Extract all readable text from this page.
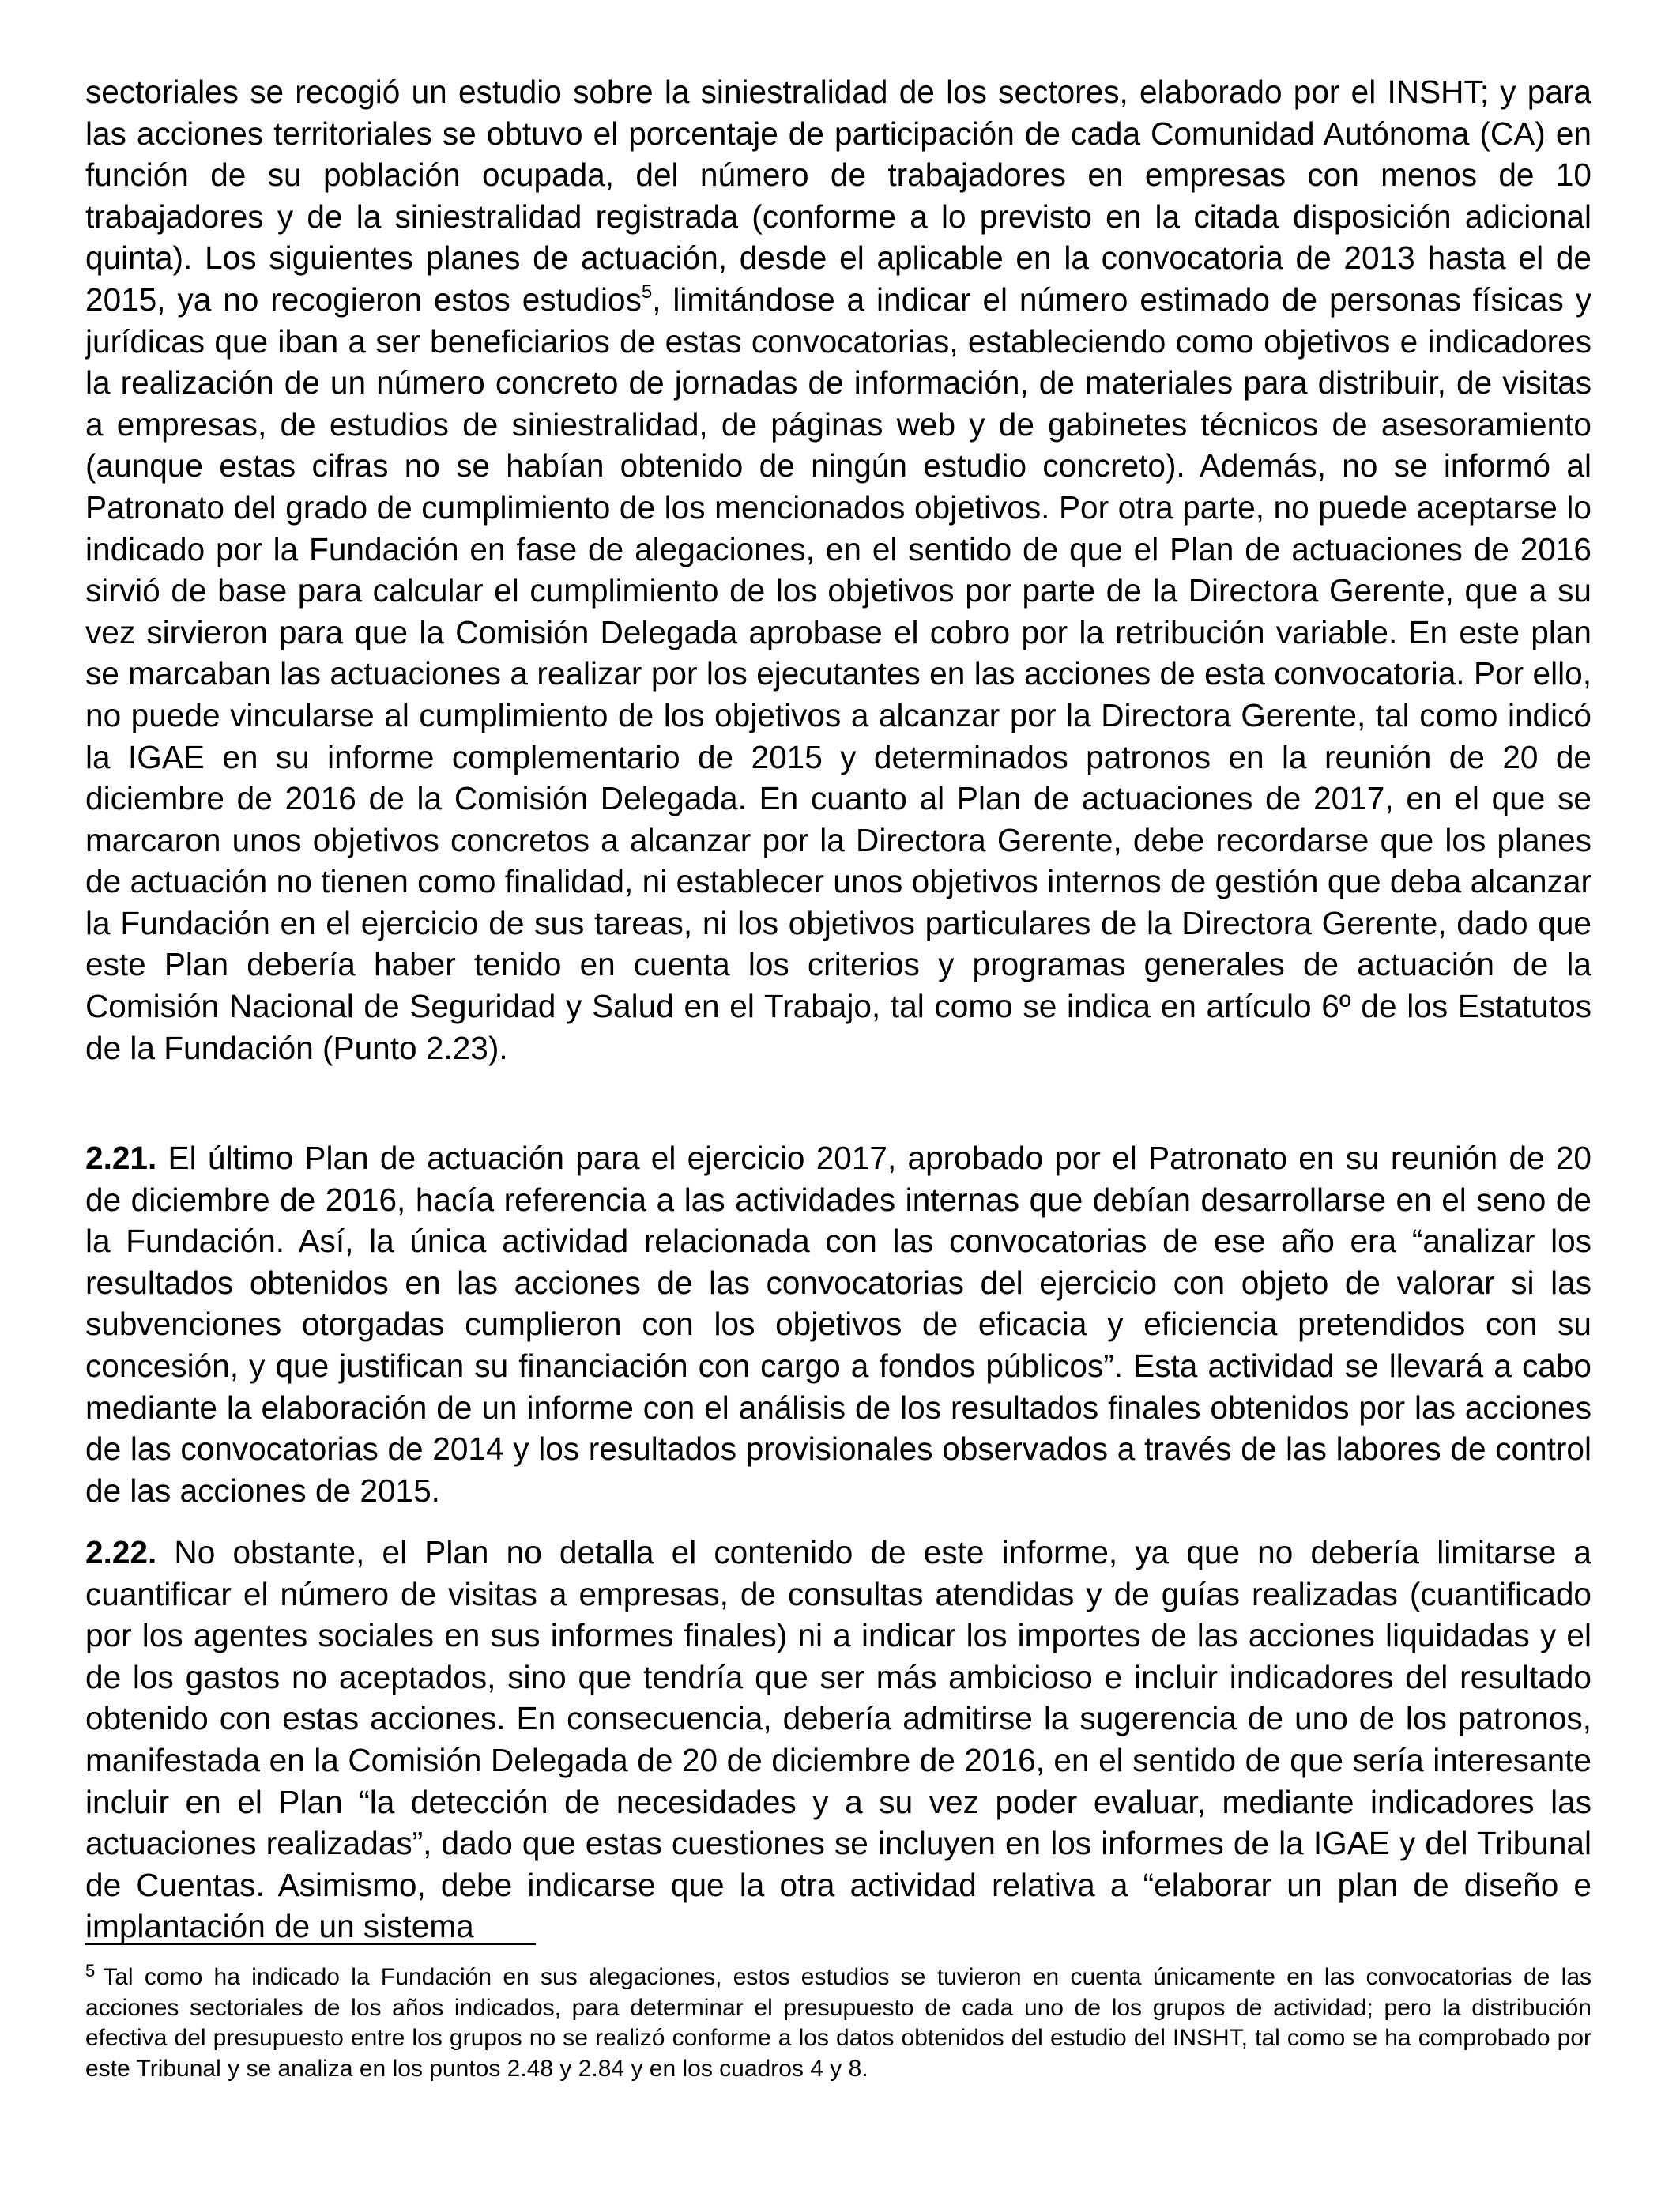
sectoriales se recogió un estudio sobre la siniestralidad de los sectores, elaborado por el INSHT; y para las acciones territoriales se obtuvo el porcentaje de participación de cada Comunidad Autónoma (CA) en función de su población ocupada, del número de trabajadores en empresas con menos de 10 trabajadores y de la siniestralidad registrada (conforme a lo previsto en la citada disposición adicional quinta). Los siguientes planes de actuación, desde el aplicable en la convocatoria de 2013 hasta el de 2015, ya no recogieron estos estudios$^5$, limitándose a indicar el número estimado de personas físicas y jurídicas que iban a ser beneficiarios de estas convocatorias, estableciendo como objetivos e indicadores la realización de un número concreto de jornadas de información, de materiales para distribuir, de visitas a empresas, de estudios de siniestralidad, de páginas web y de gabinetes técnicos de asesoramiento (aunque estas cifras no se habían obtenido de ningún estudio concreto). Además, no se informó al Patronato del grado de cumplimiento de los mencionados objetivos. Por otra parte, no puede aceptarse lo indicado por la Fundación en fase de alegaciones, en el sentido de que el Plan de actuaciones de 2016 sirvió de base para calcular el cumplimiento de los objetivos por parte de la Directora Gerente, que a su vez sirvieron para que la Comisión Delegada aprobase el cobro por la retribución variable. En este plan se marcaban las actuaciones a realizar por los ejecutantes en las acciones de esta convocatoria. Por ello, no puede vincularse al cumplimiento de los objetivos a alcanzar por la Directora Gerente, tal como indicó la IGAE en su informe complementario de 2015 y determinados patronos en la reunión de 20 de diciembre de 2016 de la Comisión Delegada. En cuanto al Plan de actuaciones de 2017, en el que se marcaron unos objetivos concretos a alcanzar por la Directora Gerente, debe recordarse que los planes de actuación no tienen como finalidad, ni establecer unos objetivos internos de gestión que deba alcanzar la Fundación en el ejercicio de sus tareas, ni los objetivos particulares de la Directora Gerente, dado que este Plan debería haber tenido en cuenta los criterios y programas generales de actuación de la Comisión Nacional de Seguridad y Salud en el Trabajo, tal como se indica en artículo 6º de los Estatutos de la Fundación (Punto 2.23).

2.21. El último Plan de actuación para el ejercicio 2017, aprobado por el Patronato en su reunión de 20 de diciembre de 2016, hacía referencia a las actividades internas que debían desarrollarse en el seno de la Fundación. Así, la única actividad relacionada con las convocatorias de ese año era “analizar los resultados obtenidos en las acciones de las convocatorias del ejercicio con objeto de valorar si las subvenciones otorgadas cumplieron con los objetivos de eficacia y eficiencia pretendidos con su concesión, y que justifican su financiación con cargo a fondos públicos”. Esta actividad se llevará a cabo mediante la elaboración de un informe con el análisis de los resultados finales obtenidos por las acciones de las convocatorias de 2014 y los resultados provisionales observados a través de las labores de control de las acciones de 2015.

2.22. No obstante, el Plan no detalla el contenido de este informe, ya que no debería limitarse a cuantificar el número de visitas a empresas, de consultas atendidas y de guías realizadas (cuantificado por los agentes sociales en sus informes finales) ni a indicar los importes de las acciones liquidadas y el de los gastos no aceptados, sino que tendría que ser más ambicioso e incluir indicadores del resultado obtenido con estas acciones. En consecuencia, debería admitirse la sugerencia de uno de los patronos, manifestada en la Comisión Delegada de 20 de diciembre de 2016, en el sentido de que sería interesante incluir en el Plan “la detección de necesidades y a su vez poder evaluar, mediante indicadores las actuaciones realizadas”, dado que estas cuestiones se incluyen en los informes de la IGAE y del Tribunal de Cuentas. Asimismo, debe indicarse que la otra actividad relativa a “elaborar un plan de diseño e implantación de un sistema

$^5$ Tal como ha indicado la Fundación en sus alegaciones, estos estudios se tuvieron en cuenta únicamente en las convocatorias de las acciones sectoriales de los años indicados, para determinar el presupuesto de cada uno de los grupos de actividad; pero la distribución efectiva del presupuesto entre los grupos no se realizó conforme a los datos obtenidos del estudio del INSHT, tal como se ha comprobado por este Tribunal y se analiza en los puntos 2.48 y 2.84 y en los cuadros 4 y 8.
